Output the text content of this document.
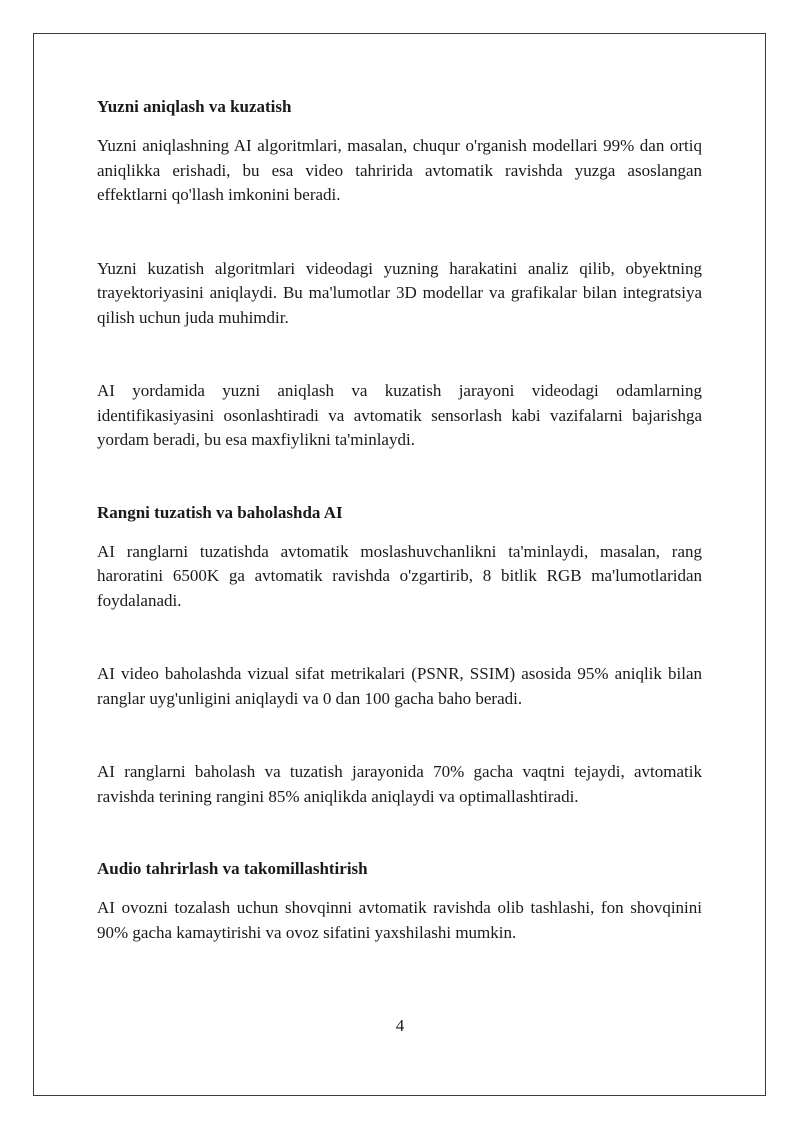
Yuzni aniqlash va kuzatish

Yuzni aniqlashning AI algoritmlari, masalan, chuqur o'rganish modellari 99% dan ortiq aniqlikka erishadi, bu esa video tahririda avtomatik ravishda yuzga asoslangan effektlarni qo'llash imkonini beradi.

Yuzni kuzatish algoritmlari videodagi yuzning harakatini analiz qilib, obyektning trayektoriyasini aniqlaydi. Bu ma'lumotlar 3D modellar va grafikalar bilan integratsiya qilish uchun juda muhimdir.

AI yordamida yuzni aniqlash va kuzatish jarayoni videodagi odamlarning identifikasiyasini osonlashtiradi va avtomatik sensorlash kabi vazifalarni bajarishga yordam beradi, bu esa maxfiylikni ta'minlaydi.

Rangni tuzatish va baholashda AI

AI ranglarni tuzatishda avtomatik moslashuvchanlikni ta'minlaydi, masalan, rang haroratini 6500K ga avtomatik ravishda o'zgartirib, 8 bitlik RGB ma'lumotlaridan foydalanadi.

AI video baholashda vizual sifat metrikalari (PSNR, SSIM) asosida 95% aniqlik bilan ranglar uyg'unligini aniqlaydi va 0 dan 100 gacha baho beradi.

AI ranglarni baholash va tuzatish jarayonida 70% gacha vaqtni tejaydi, avtomatik ravishda terining rangini 85% aniqlikda aniqlaydi va optimallashtiradi.

Audio tahrirlash va takomillashtirish

AI ovozni tozalash uchun shovqinni avtomatik ravishda olib tashlashi, fon shovqinini 90% gacha kamaytirishi va ovoz sifatini yaxshilashi mumkin.

4
